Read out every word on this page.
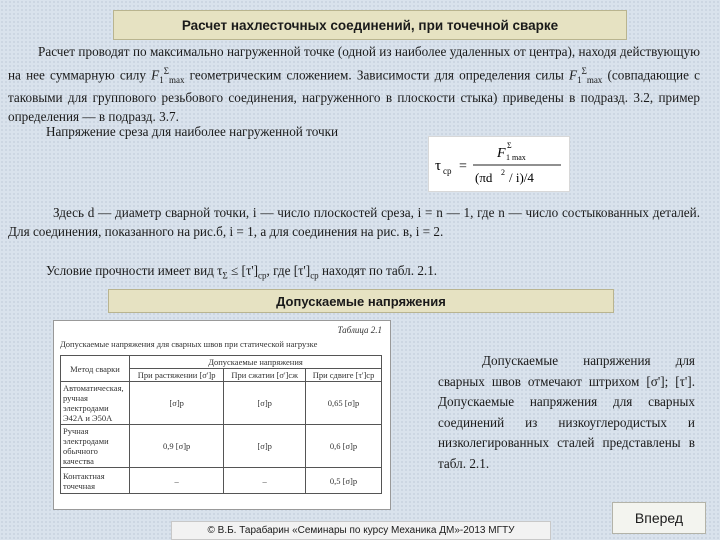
Расчет нахлесточных соединений, при точечной сварке

Расчет проводят по максимально нагруженной точке (одной из наиболее удаленных от центра), находя действующую на нее суммарную силу $F_1^\Sigma_{max}$ геометрическим сложением. Зависимости для определения силы $F_1^\Sigma_{max}$ (совпадающие с таковыми для группового резьбового соединения, нагруженного в плоскости стыка) приведены в подразд. 3.2, пример определения — в подразд. 3.7.

Напряжение среза для наиболее нагруженной точки

τ ср =
F
Σ
1 max
(πd 2 / i)/4

Здесь d — диаметр сварной точки, i — число плоскостей среза, i = n — 1, где n — число состыкованных деталей. Для соединения, показанного на рис.б, i = 1, а для соединения на рис. в, i = 2.

Условие прочности имеет вид $\tau_\Sigma \le [\tau']_{ср}$, где $[\tau']_{ср}$ находят по табл. 2.1.

Допускаемые напряжения
Таблица 2.1
Допускаемые напряжения для сварных швов при статической нагрузке
Метод сварки	Допускаемые напряжения		
	При растяжении [σ']р	При сжатии [σ']сж	При сдвиге [τ']ср
Автоматическая, ручная электродами Э42А и Э50А	[σ]р	[σ]р	0,65 [σ]р
Ручная электродами обычного качества	0,9 [σ]р	[σ]р	0,6 [σ]р
Контактная точечная	–	–	0,5 [σ]р

Допускаемые напряжения для сварных швов отмечают штрихом [σ']; [τ']. Допускаемые напряжения для сварных соединений из низкоуглеродистых и низколегированных сталей представлены в табл. 2.1.

Вперед
© В.Б. Тарабарин «Семинары по курсу Механика ДМ»-2013 МГТУ
